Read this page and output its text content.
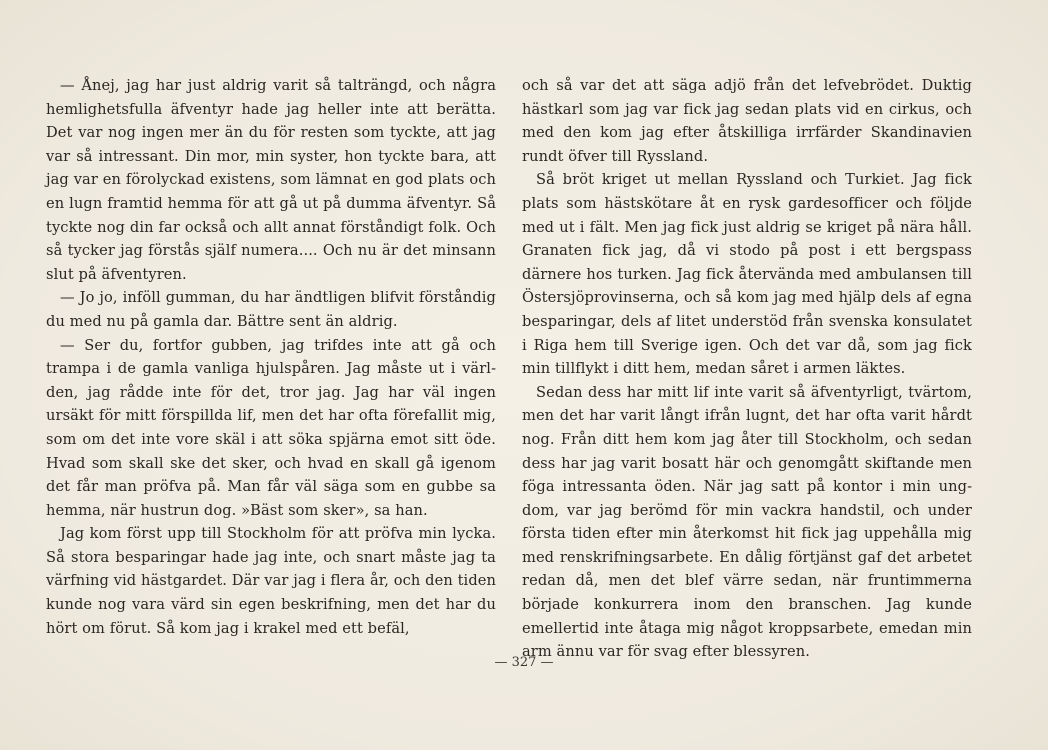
— Ånej, jag har just aldrig varit så talträngd, och några hemlighetsfulla äfventyr hade jag heller inte att berätta. Det var nog ingen mer än du för resten som tyckte, att jag var så intressant. Din mor, min syster, hon tyckte bara, att jag var en förolyckad existens, som lämnat en god plats och en lugn framtid hemma för att gå ut på dumma äfventyr. Så tyckte nog din far också och allt annat förståndigt folk. Och så tycker jag förstås själf numera.... Och nu är det minsann slut på äfventyren.

— Jo jo, inföll gumman, du har ändtligen blifvit förståndig du med nu på gamla dar. Bättre sent än aldrig.

— Ser du, fortfor gubben, jag trifdes inte att gå och trampa i de gamla vanliga hjulspåren. Jag måste ut i världen, jag rådde inte för det, tror jag. Jag har väl ingen ursäkt för mitt förspillda lif, men det har ofta förefallit mig, som om det inte vore skäl i att söka spjärna emot sitt öde. Hvad som skall ske det sker, och hvad en skall gå igenom det får man pröfva på. Man får väl säga som en gubbe sa hemma, när hustrun dog. »Bäst som sker», sa han.

Jag kom först upp till Stockholm för att pröfva min lycka. Så stora besparingar hade jag inte, och snart måste jag ta värfning vid hästgardet. Där var jag i flera år, och den tiden kunde nog vara värd sin egen beskrifning, men det har du hört om förut. Så kom jag i krakel med ett befäl,

och så var det att säga adjö från det lefvebrödet. Duktig hästkarl som jag var fick jag sedan plats vid en cirkus, och med den kom jag efter åtskilliga irrfärder Skandinavien rundt öfver till Ryssland.

Så bröt kriget ut mellan Ryssland och Turkiet. Jag fick plats som hästskötare åt en rysk gardesofficer och följde med ut i fält. Men jag fick just aldrig se kriget på nära håll. Granaten fick jag, då vi stodo på post i ett bergspass därnere hos turken. Jag fick återvända med ambulansen till Östersjöprovinserna, och så kom jag med hjälp dels af egna besparingar, dels af litet understöd från svenska konsulatet i Riga hem till Sverige igen. Och det var då, som jag fick min tillflykt i ditt hem, medan såret i armen läktes.

Sedan dess har mitt lif inte varit så äfventyrligt, tvärtom, men det har varit långt ifrån lugnt, det har ofta varit hårdt nog. Från ditt hem kom jag åter till Stockholm, och sedan dess har jag varit bosatt här och genomgått skiftande men föga intressanta öden. När jag satt på kontor i min ungdom, var jag berömd för min vackra handstil, och under första tiden efter min återkomst hit fick jag uppehålla mig med renskrifningsarbete. En dålig förtjänst gaf det arbetet redan då, men det blef värre sedan, när fruntimmerna började konkurrera inom den branschen. Jag kunde emellertid inte åtaga mig något kroppsarbete, emedan min arm ännu var för svag efter blessyren.

— 327 —
